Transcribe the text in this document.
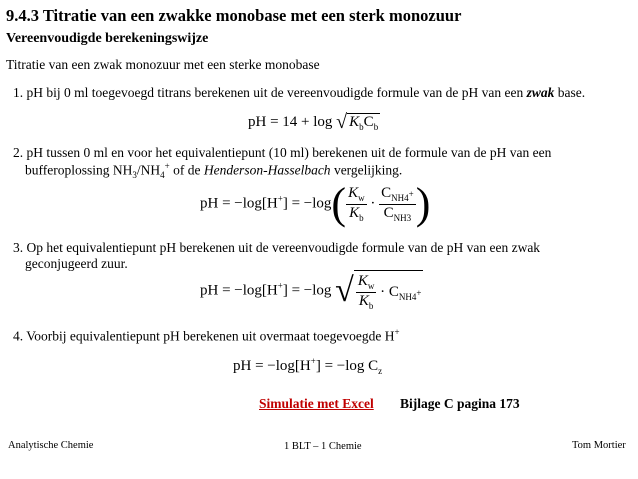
9.4.3 Titratie van een zwakke monobase met een sterk monozuur
Vereenvoudigde berekeningswijze
Titratie van een zwak monozuur met een sterke monobase
1. pH bij 0 ml toegevoegd titrans berekenen uit de vereenvoudigde formule van de pH van een zwak base.
pH = 14 + log √ $K_bC_b$
2. pH tussen 0 ml en voor het equivalentiepunt (10 ml) berekenen uit de formule van de pH van een
bufferoplossing $NH_3/NH_4^+$ of de Henderson-Hasselbach vergelijking.
pH = $-\log[H^+] = -\log( \frac{K_w}{K_b} \cdot \frac{C_{NH4^+}}{C_{NH3}}$ )
3. Op het equivalentiepunt pH berekenen uit de vereenvoudigde formule van de pH van een zwak
geconjugeerd zuur.
pH = −log[H+] = −log √ $\frac{K_w}{K_b} \cdot C_{NH4^+}$
4. Voorbij equivalentiepunt pH berekenen uit overmaat toegevoegde H+
pH = −log[H+] = −log $C_z$
Simulatie met Excel Bijlage C pagina 173
Analytische Chemie	1 BLT – 1 Chemie	Tom Mortier
